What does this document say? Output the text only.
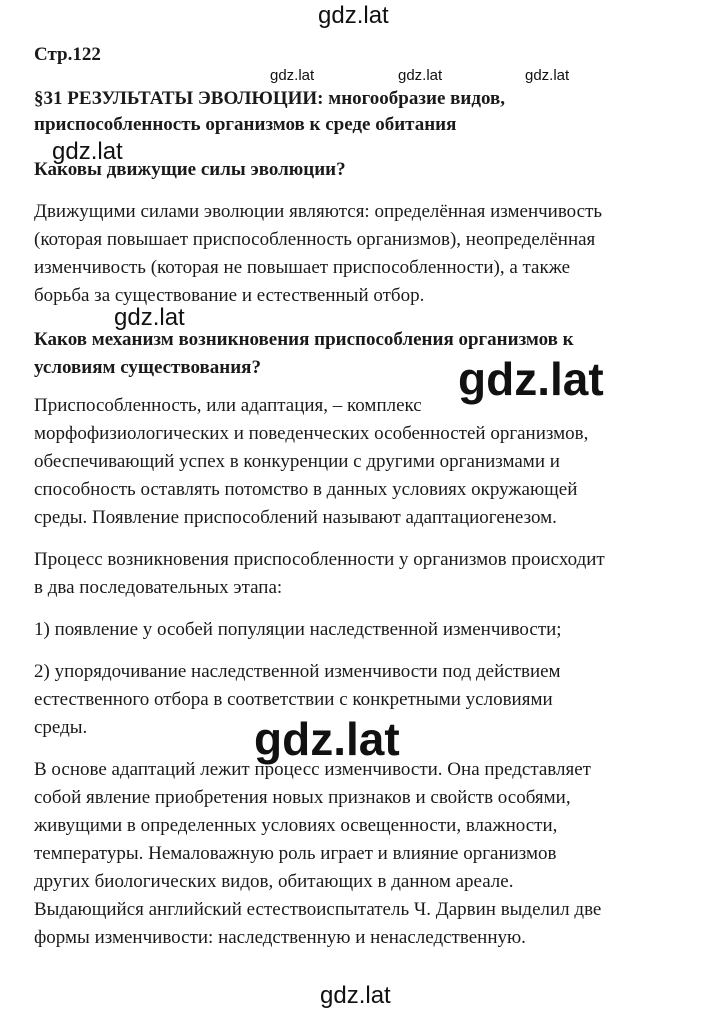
Стр.122
§31 РЕЗУЛЬТАТЫ ЭВОЛЮЦИИ: многообразие видов,
приспособленность организмов к среде обитания
Каковы движущие силы эволюции?
Движущими силами эволюции являются: определённая изменчивость
(которая повышает приспособленность организмов), неопределённая
изменчивость (которая не повышает приспособленности), а также
борьба за существование и естественный отбор.
Каков механизм возникновения приспособления организмов к
условиям существования?
Приспособленность, или адаптация, – комплекс
морфофизиологических и поведенческих особенностей организмов,
обеспечивающий успех в конкуренции с другими организмами и
способность оставлять потомство в данных условиях окружающей
среды. Появление приспособлений называют адаптациогенезом.
Процесс возникновения приспособленности у организмов происходит
в два последовательных этапа:
1) появление у особей популяции наследственной изменчивости;
2) упорядочивание наследственной изменчивости под действием
естественного отбора в соответствии с конкретными условиями
среды.
В основе адаптаций лежит процесс изменчивости. Она представляет
собой явление приобретения новых признаков и свойств особями,
живущими в определенных условиях освещенности, влажности,
температуры. Немаловажную роль играет и влияние организмов
других биологических видов, обитающих в данном ареале.
Выдающийся английский естествоиспытатель Ч. Дарвин выделил две
формы изменчивости: наследственную и ненаследственную.
gdz.lat
gdz.lat	gdz.lat	gdz.lat
gdz.lat
gdz.lat
gdz.lat
gdz.lat
gdz.lat
